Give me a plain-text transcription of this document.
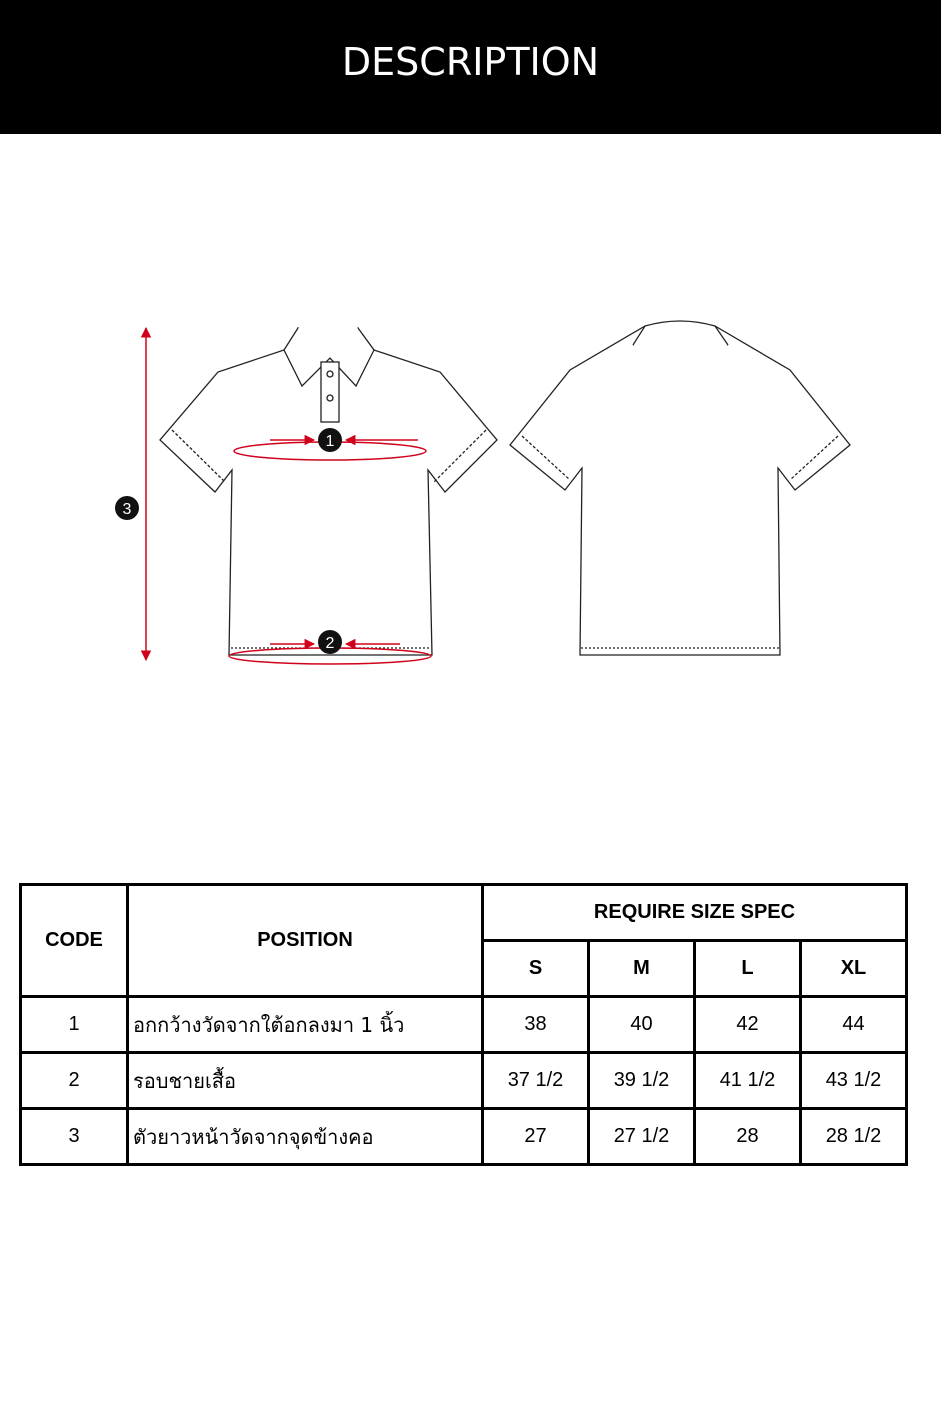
DESCRIPTION
1
2
3
CODE	POSITION	REQUIRE SIZE SPEC			
		S	M	L	XL
1	อกกว้างวัดจากใต้อกลงมา 1 นิ้ว	38	40	42	44
2	รอบชายเสื้อ	37 1/2	39 1/2	41 1/2	43 1/2
3	ตัวยาวหน้าวัดจากจุดข้างคอ	27	27 1/2	28	28 1/2
